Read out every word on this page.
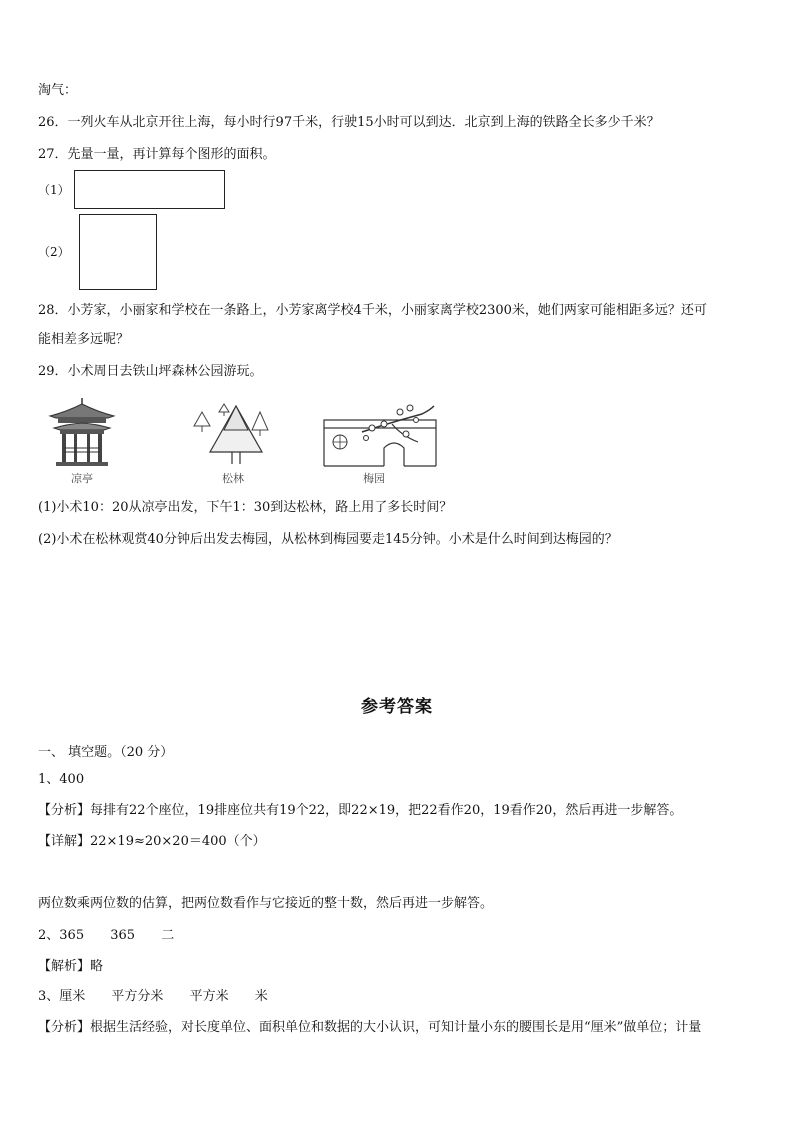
淘气：
26．一列火车从北京开往上海，每小时行97千米，行驶15小时可以到达．北京到上海的铁路全长多少千米？
27．先量一量，再计算每个图形的面积。
（1）
（2）
28．小芳家，小丽家和学校在一条路上，小芳家离学校4千米，小丽家离学校2300米，她们两家可能相距多远？还可
能相差多远呢？
29．小术周日去铁山坪森林公园游玩。
凉亭	松林	梅园
(1)小术10：20从凉亭出发，下午1：30到达松林，路上用了多长时间？
(2)小术在松林观赏40分钟后出发去梅园，从松林到梅园要走145分钟。小术是什么时间到达梅园的？
参考答案
一、 填空题。（20 分）
1、400
【分析】每排有22个座位，19排座位共有19个22，即22×19，把22看作20，19看作20，然后再进一步解答。
【详解】22×19≈20×20＝400（个）
两位数乘两位数的估算，把两位数看作与它接近的整十数，然后再进一步解答。
2、365 365 二
【解析】略
3、厘米 平方分米 平方米 米
【分析】根据生活经验，对长度单位、面积单位和数据的大小认识，可知计量小东的腰围长是用“厘米”做单位；计量
